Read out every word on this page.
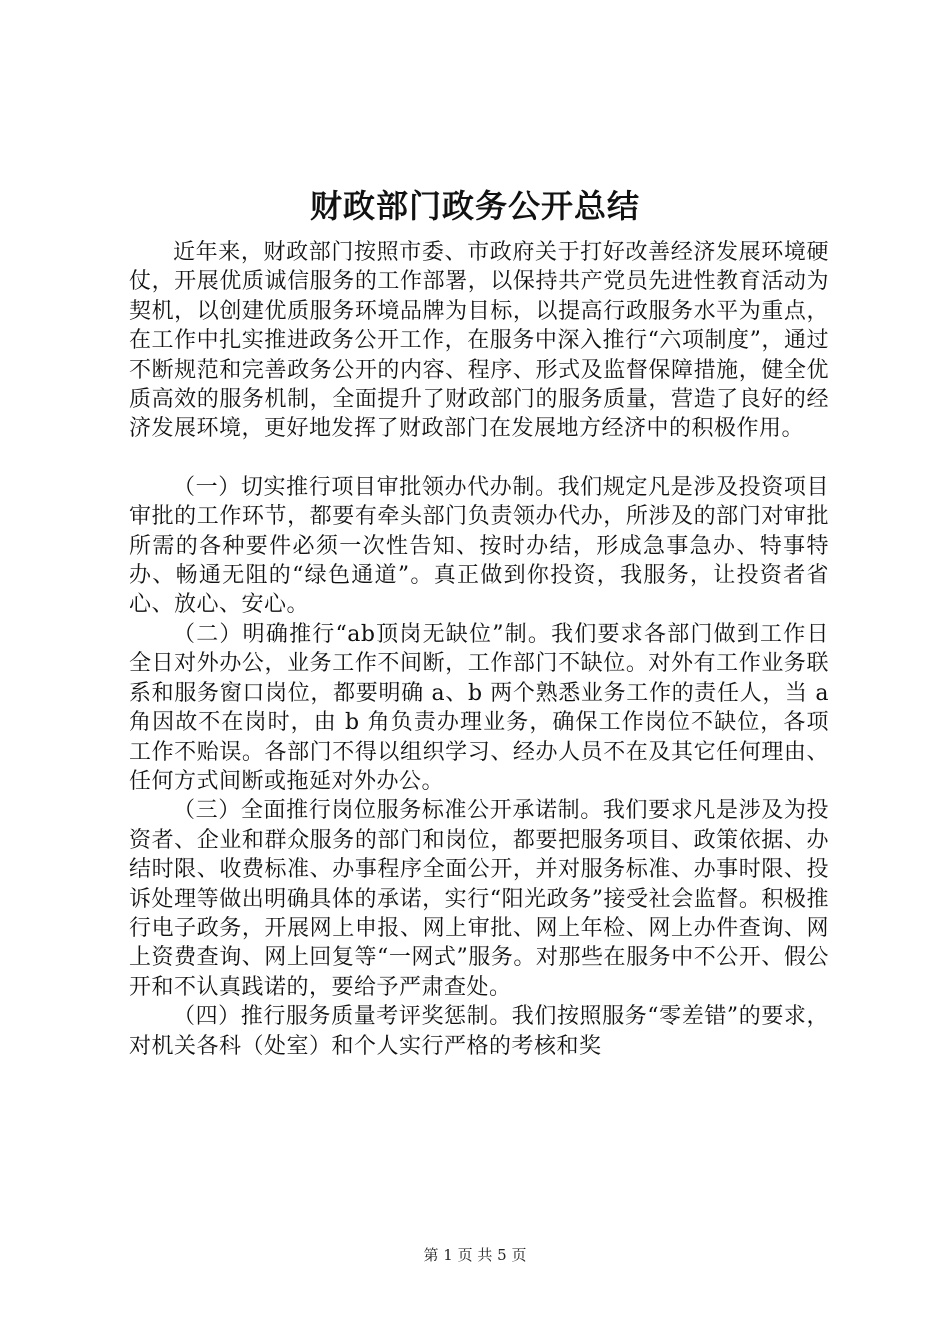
财政部门政务公开总结

近年来，财政部门按照市委、市政府关于打好改善经济发展环境硬仗，开展优质诚信服务的工作部署，以保持共产党员先进性教育活动为契机，以创建优质服务环境品牌为目标，以提高行政服务水平为重点，在工作中扎实推进政务公开工作，在服务中深入推行“六项制度”，通过不断规范和完善政务公开的内容、程序、形式及监督保障措施，健全优质高效的服务机制，全面提升了财政部门的服务质量，营造了良好的经济发展环境，更好地发挥了财政部门在发展地方经济中的积极作用。

（一）切实推行项目审批领办代办制。我们规定凡是涉及投资项目审批的工作环节，都要有牵头部门负责领办代办，所涉及的部门对审批所需的各种要件必须一次性告知、按时办结，形成急事急办、特事特办、畅通无阻的“绿色通道”。真正做到你投资，我服务，让投资者省心、放心、安心。

（二）明确推行“ab顶岗无缺位”制。我们要求各部门做到工作日全日对外办公，业务工作不间断，工作部门不缺位。对外有工作业务联系和服务窗口岗位，都要明确 a、b 两个熟悉业务工作的责任人，当 a 角因故不在岗时，由 b 角负责办理业务，确保工作岗位不缺位，各项工作不贻误。各部门不得以组织学习、经办人员不在及其它任何理由、任何方式间断或拖延对外办公。

（三）全面推行岗位服务标准公开承诺制。我们要求凡是涉及为投资者、企业和群众服务的部门和岗位，都要把服务项目、政策依据、办结时限、收费标准、办事程序全面公开，并对服务标准、办事时限、投诉处理等做出明确具体的承诺，实行“阳光政务”接受社会监督。积极推行电子政务，开展网上申报、网上审批、网上年检、网上办件查询、网上资费查询、网上回复等“一网式”服务。对那些在服务中不公开、假公开和不认真践诺的，要给予严肃查处。

（四）推行服务质量考评奖惩制。我们按照服务“零差错”的要求，对机关各科（处室）和个人实行严格的考核和奖

第 1 页 共 5 页
